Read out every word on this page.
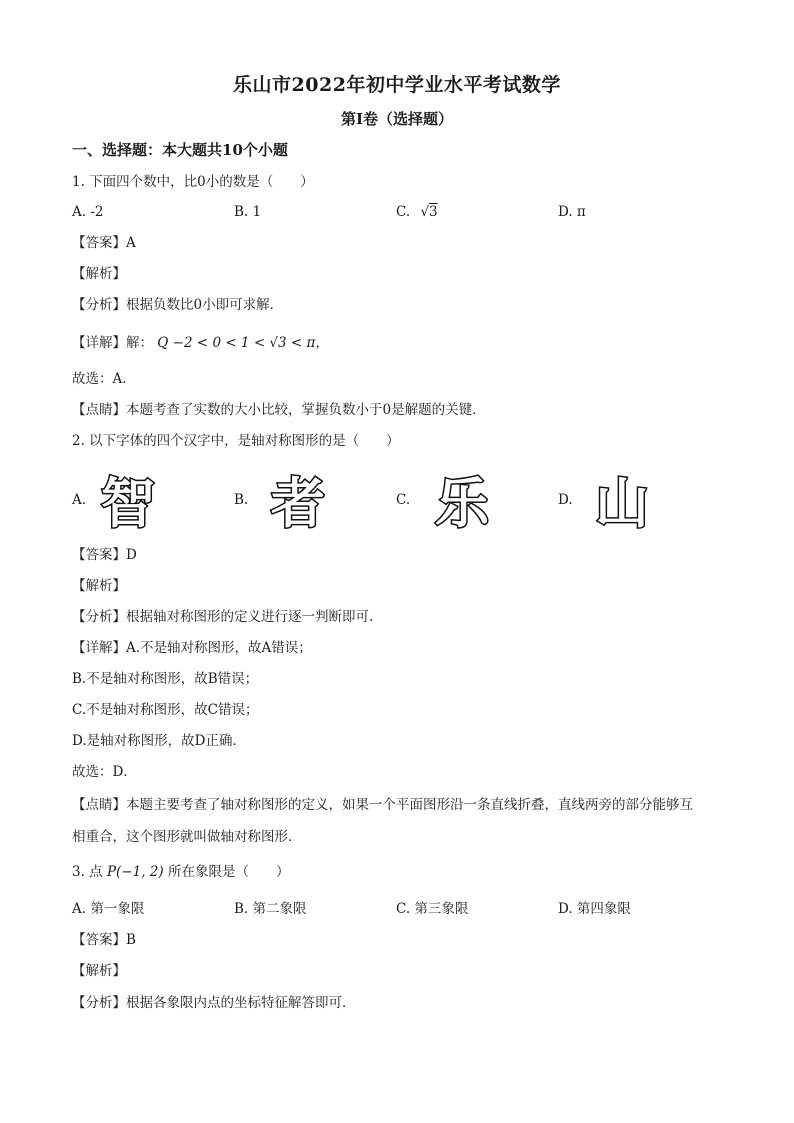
乐山市2022年初中学业水平考试数学
第I卷（选择题）
一、选择题：本大题共10个小题
1. 下面四个数中，比0小的数是（　　）
A. -2	B. 1	C. √3	D. π
【答案】A
【解析】
【分析】根据负数比0小即可求解．
【详解】解： Q −2 < 0 < 1 < √3 < π，
故选：A．
【点睛】本题考查了实数的大小比较，掌握负数小于0是解题的关键．
2. 以下字体的四个汉字中，是轴对称图形的是（　　）
A. 智	B. 者	C. 乐	D. 山
【答案】D
【解析】
【分析】根据轴对称图形的定义进行逐一判断即可.
【详解】A.不是轴对称图形，故A错误；
B.不是轴对称图形，故B错误；
C.不是轴对称图形，故C错误；
D.是轴对称图形，故D正确．
故选：D．
【点睛】本题主要考查了轴对称图形的定义，如果一个平面图形沿一条直线折叠，直线两旁的部分能够互
相重合，这个图形就叫做轴对称图形．
3. 点 P(−1, 2) 所在象限是（　　）
A. 第一象限	B. 第二象限	C. 第三象限	D. 第四象限
【答案】B
【解析】
【分析】根据各象限内点的坐标特征解答即可．
